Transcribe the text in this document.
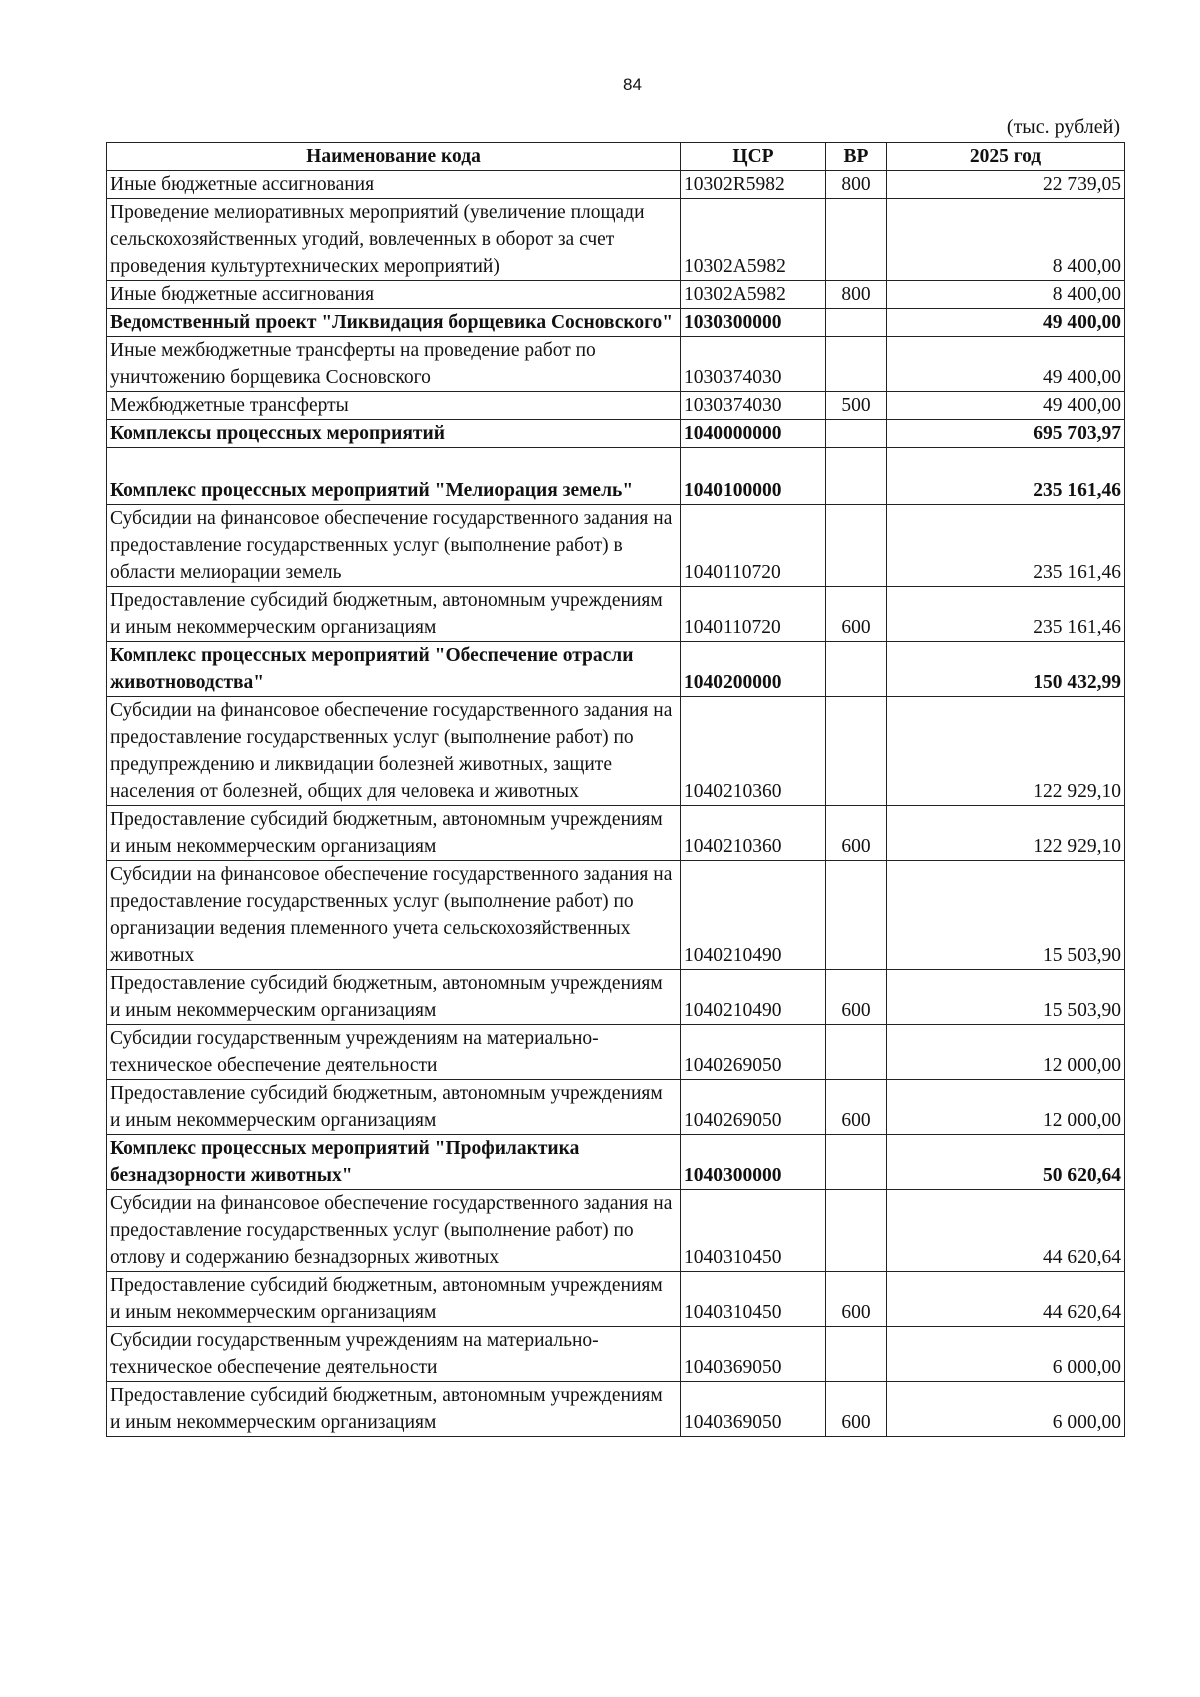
84
(тыс. рублей)
Наименование кода	ЦСР	ВР	2025 год
Иные бюджетные ассигнования	10302R5982	800	22 739,05
Проведение мелиоративных мероприятий (увеличение площади сельскохозяйственных угодий, вовлеченных в оборот за счет проведения культуртехнических мероприятий)	10302A5982		8 400,00
Иные бюджетные ассигнования	10302A5982	800	8 400,00
Ведомственный проект "Ликвидация борщевика Сосновского"	1030300000		49 400,00
Иные межбюджетные трансферты на проведение работ по уничтожению борщевика Сосновского	1030374030		49 400,00
Межбюджетные трансферты	1030374030	500	49 400,00
Комплексы процессных мероприятий	1040000000		695 703,97
Комплекс процессных мероприятий "Мелиорация земель"	1040100000		235 161,46
Субсидии на финансовое обеспечение государственного задания на предоставление государственных услуг (выполнение работ) в области мелиорации земель	1040110720		235 161,46
Предоставление субсидий бюджетным, автономным учреждениям и иным некоммерческим организациям	1040110720	600	235 161,46
Комплекс процессных мероприятий "Обеспечение отрасли животноводства"	1040200000		150 432,99
Субсидии на финансовое обеспечение государственного задания на предоставление государственных услуг (выполнение работ) по предупреждению и ликвидации болезней животных, защите населения от болезней, общих для человека и животных	1040210360		122 929,10
Предоставление субсидий бюджетным, автономным учреждениям и иным некоммерческим организациям	1040210360	600	122 929,10
Субсидии на финансовое обеспечение государственного задания на предоставление государственных услуг (выполнение работ) по организации ведения племенного учета сельскохозяйственных животных	1040210490		15 503,90
Предоставление субсидий бюджетным, автономным учреждениям и иным некоммерческим организациям	1040210490	600	15 503,90
Субсидии государственным учреждениям на материально-техническое обеспечение деятельности	1040269050		12 000,00
Предоставление субсидий бюджетным, автономным учреждениям и иным некоммерческим организациям	1040269050	600	12 000,00
Комплекс процессных мероприятий "Профилактика безнадзорности животных"	1040300000		50 620,64
Субсидии на финансовое обеспечение государственного задания на предоставление государственных услуг (выполнение работ) по отлову и содержанию безнадзорных животных	1040310450		44 620,64
Предоставление субсидий бюджетным, автономным учреждениям и иным некоммерческим организациям	1040310450	600	44 620,64
Субсидии государственным учреждениям на материально-техническое обеспечение деятельности	1040369050		6 000,00
Предоставление субсидий бюджетным, автономным учреждениям и иным некоммерческим организациям	1040369050	600	6 000,00
